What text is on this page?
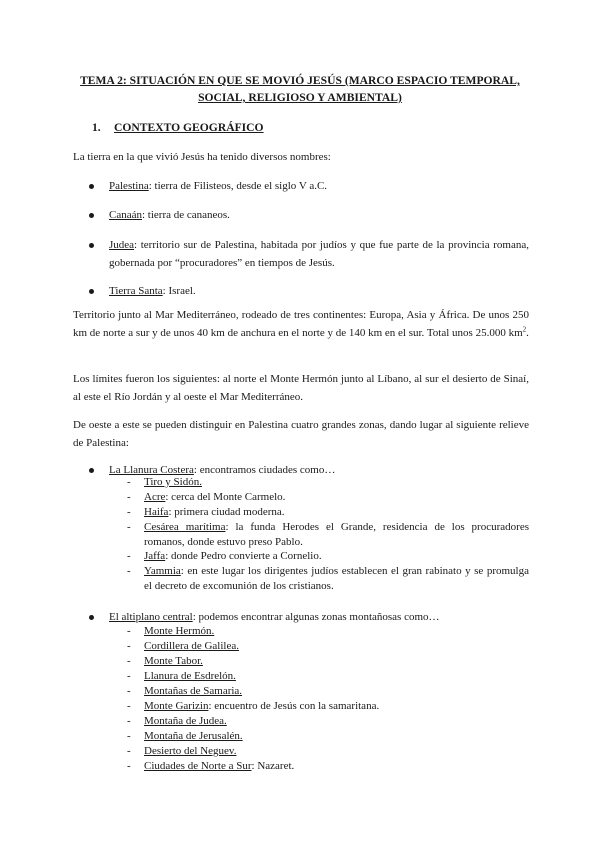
TEMA 2: SITUACIÓN EN QUE SE MOVIÓ JESÚS (MARCO ESPACIO TEMPORAL,
SOCIAL, RELIGIOSO Y AMBIENTAL)
1. CONTEXTO GEOGRÁFICO
La tierra en la que vivió Jesús ha tenido diversos nombres:
Palestina: tierra de Filisteos, desde el siglo V a.C.
Canaán: tierra de cananeos.
Judea: territorio sur de Palestina, habitada por judíos y que fue parte de la provincia romana, gobernada por “procuradores” en tiempos de Jesús.
Tierra Santa: Israel.
Territorio junto al Mar Mediterráneo, rodeado de tres continentes: Europa, Asia y África. De unos 250 km de norte a sur y de unos 40 km de anchura en el norte y de 140 km en el sur. Total unos 25.000 $km^2$.
Los límites fueron los siguientes: al norte el Monte Hermón junto al Líbano, al sur el desierto de Sinaí, al este el Río Jordán y al oeste el Mar Mediterráneo.
De oeste a este se pueden distinguir en Palestina cuatro grandes zonas, dando lugar al siguiente relieve de Palestina:
La Llanura Costera: encontramos ciudades como…
- Tiro y Sidón.
- Acre: cerca del Monte Carmelo.
- Haifa: primera ciudad moderna.
- Cesárea marítima: la funda Herodes el Grande, residencia de los procuradores romanos, donde estuvo preso Pablo.
- Jaffa: donde Pedro convierte a Cornelio.
- Yammia: en este lugar los dirigentes judíos establecen el gran rabinato y se promulga el decreto de excomunión de los cristianos.
El altiplano central: podemos encontrar algunas zonas montañosas como…
- Monte Hermón.
- Cordillera de Galilea.
- Monte Tabor.
- Llanura de Esdrelón.
- Montañas de Samaria.
- Monte Garizin: encuentro de Jesús con la samaritana.
- Montaña de Judea.
- Montaña de Jerusalén.
- Desierto del Neguev.
- Ciudades de Norte a Sur: Nazaret.
